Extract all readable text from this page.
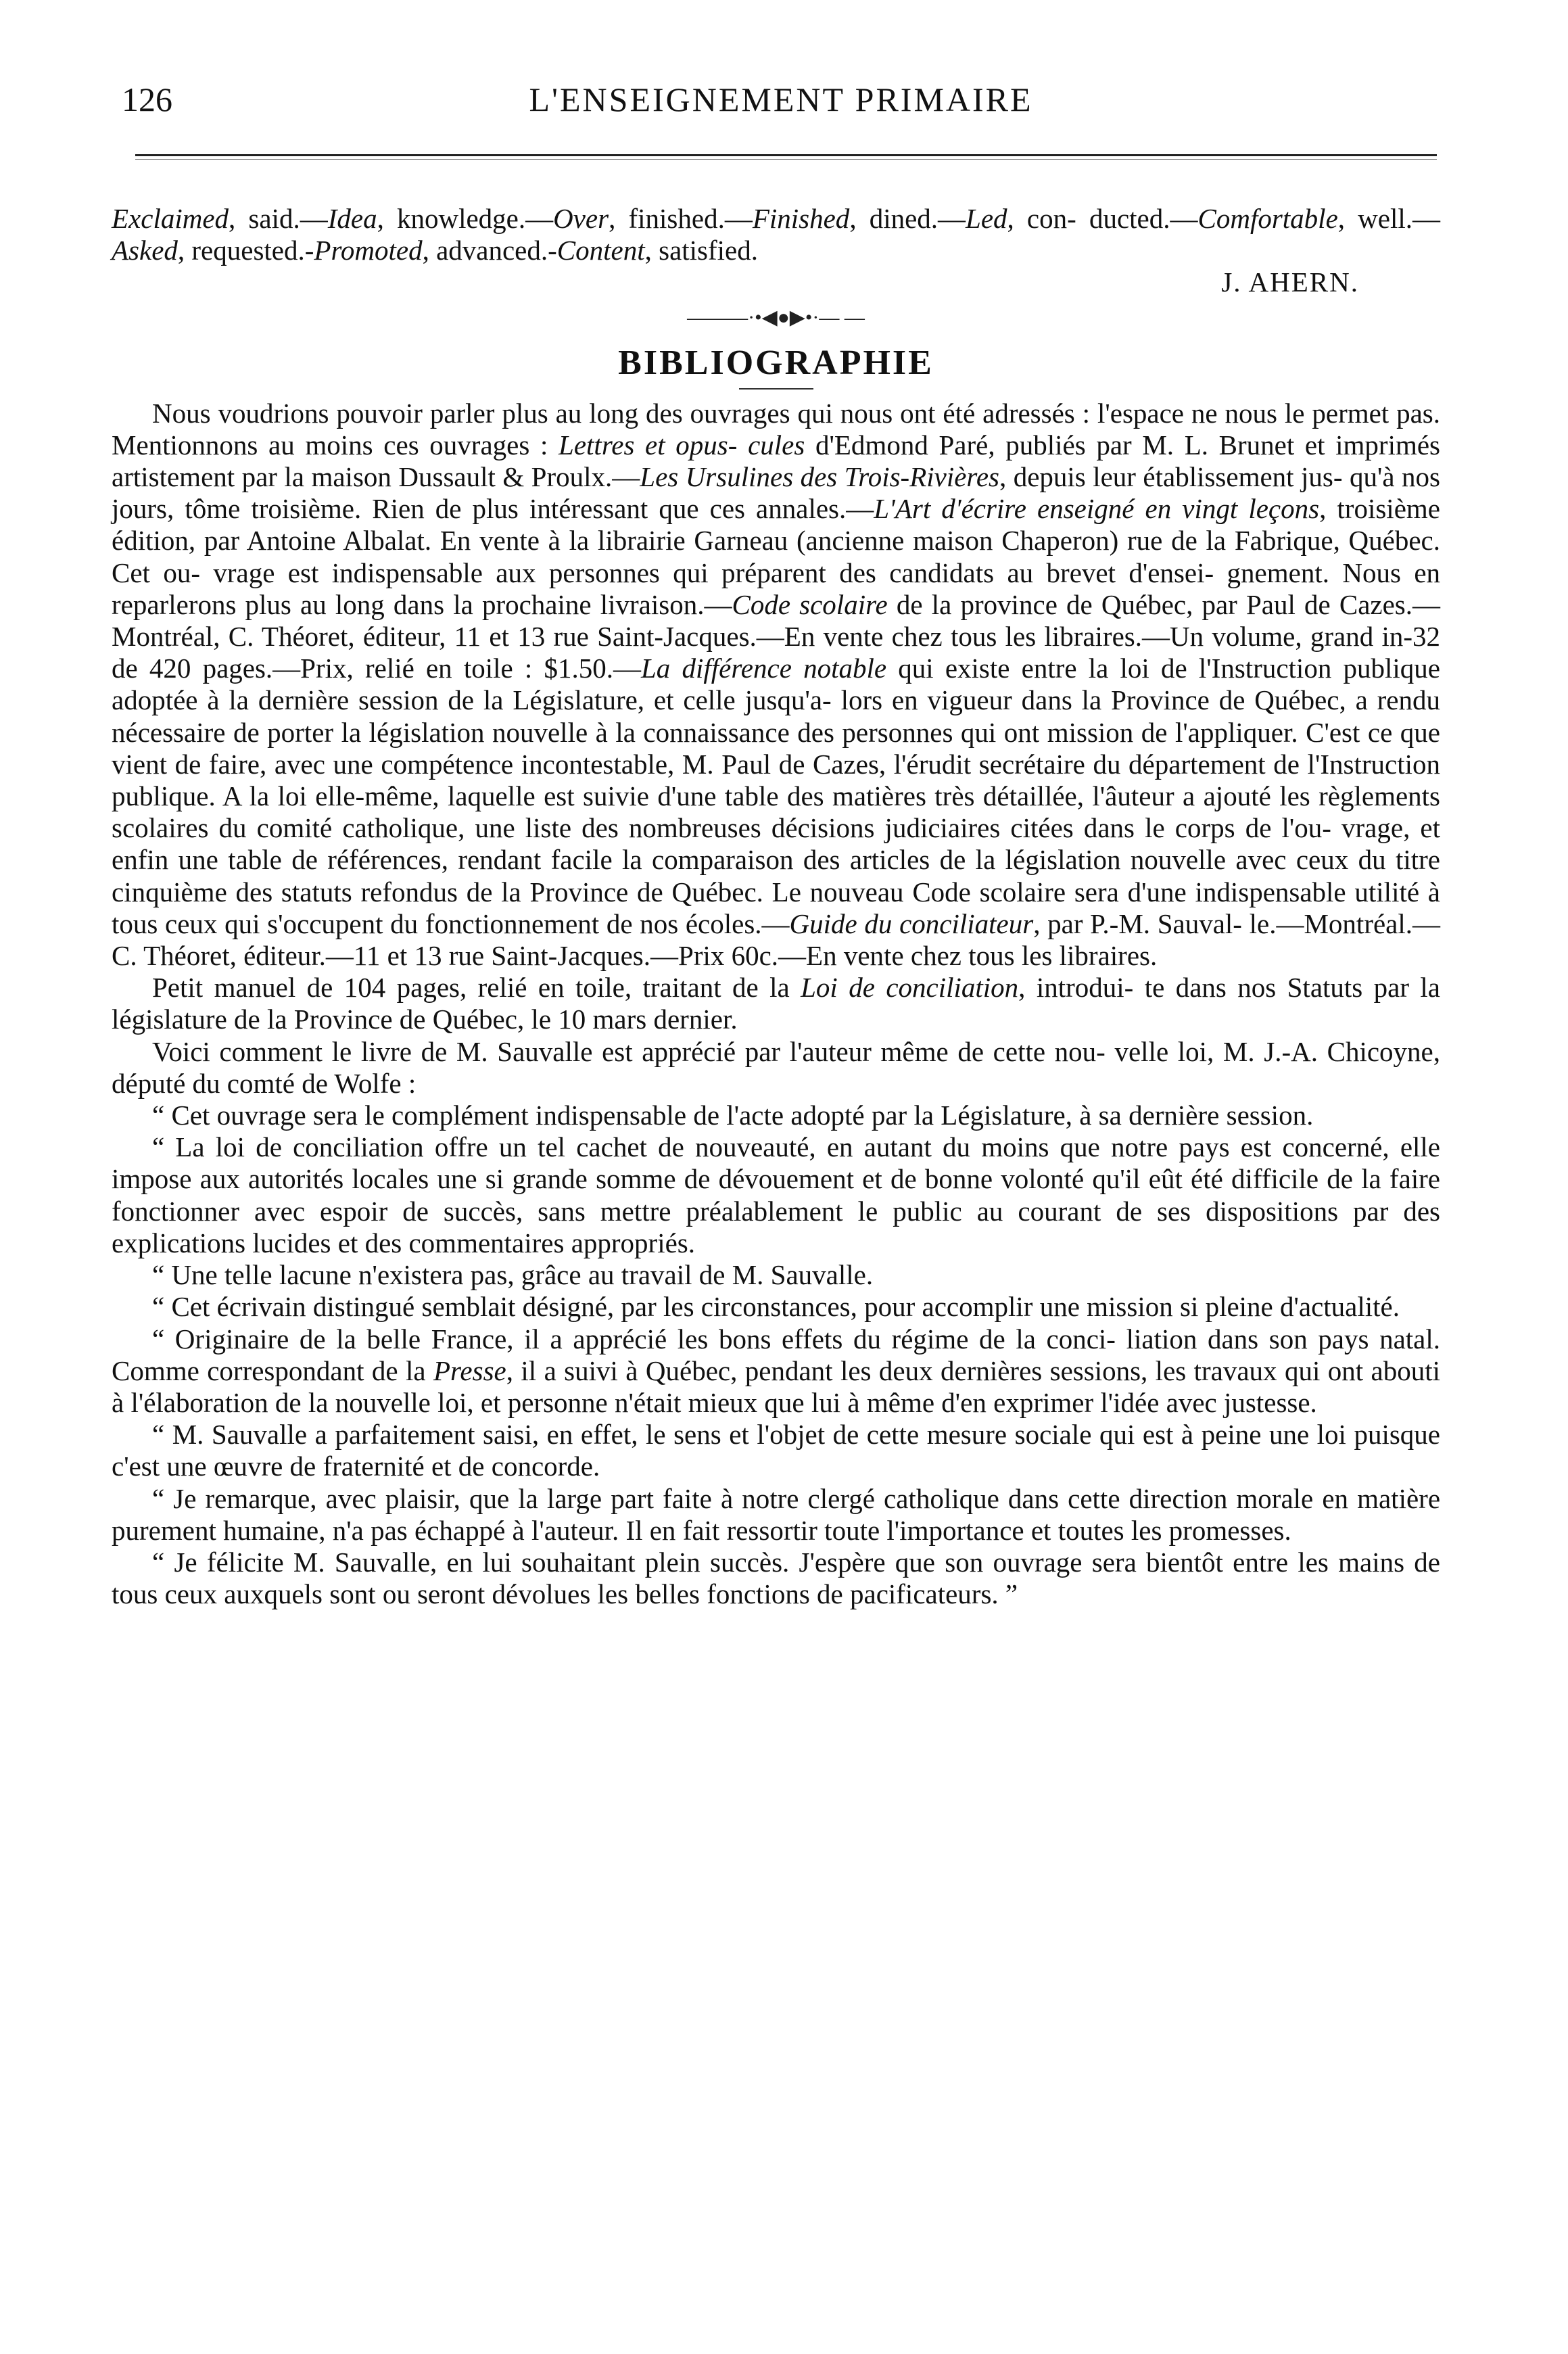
126	L'ENSEIGNEMENT PRIMAIRE

Exclaimed, said.—Idea, knowledge.—Over, finished.—Finished, dined.—Led, con- ducted.—Comfortable, well.—Asked, requested.-Promoted, advanced.-Content, satisfied.

J. AHERN.

———·•◀●▶•·— —
BIBLIOGRAPHIE

Nous voudrions pouvoir parler plus au long des ouvrages qui nous ont été adressés : l'espace ne nous le permet pas. Mentionnons au moins ces ouvrages : Lettres et opus- cules d'Edmond Paré, publiés par M. L. Brunet et imprimés artistement par la maison Dussault & Proulx.—Les Ursulines des Trois-Rivières, depuis leur établissement jus- qu'à nos jours, tôme troisième. Rien de plus intéressant que ces annales.—L'Art d'écrire enseigné en vingt leçons, troisième édition, par Antoine Albalat. En vente à la librairie Garneau (ancienne maison Chaperon) rue de la Fabrique, Québec. Cet ou- vrage est indispensable aux personnes qui préparent des candidats au brevet d'ensei- gnement. Nous en reparlerons plus au long dans la prochaine livraison.—Code scolaire de la province de Québec, par Paul de Cazes.—Montréal, C. Théoret, éditeur, 11 et 13 rue Saint-Jacques.—En vente chez tous les libraires.—Un volume, grand in-32 de 420 pages.—Prix, relié en toile : $1.50.—La différence notable qui existe entre la loi de l'Instruction publique adoptée à la dernière session de la Législature, et celle jusqu'a- lors en vigueur dans la Province de Québec, a rendu nécessaire de porter la législation nouvelle à la connaissance des personnes qui ont mission de l'appliquer. C'est ce que vient de faire, avec une compétence incontestable, M. Paul de Cazes, l'érudit secrétaire du département de l'Instruction publique. A la loi elle-même, laquelle est suivie d'une table des matières très détaillée, l'âuteur a ajouté les règlements scolaires du comité catholique, une liste des nombreuses décisions judiciaires citées dans le corps de l'ou- vrage, et enfin une table de références, rendant facile la comparaison des articles de la législation nouvelle avec ceux du titre cinquième des statuts refondus de la Province de Québec. Le nouveau Code scolaire sera d'une indispensable utilité à tous ceux qui s'occupent du fonctionnement de nos écoles.—Guide du conciliateur, par P.-M. Sauval- le.—Montréal.—C. Théoret, éditeur.—11 et 13 rue Saint-Jacques.—Prix 60c.—En vente chez tous les libraires.

Petit manuel de 104 pages, relié en toile, traitant de la Loi de conciliation, introdui- te dans nos Statuts par la législature de la Province de Québec, le 10 mars dernier.

Voici comment le livre de M. Sauvalle est apprécié par l'auteur même de cette nou- velle loi, M. J.-A. Chicoyne, député du comté de Wolfe :

“ Cet ouvrage sera le complément indispensable de l'acte adopté par la Législature, à sa dernière session.

“ La loi de conciliation offre un tel cachet de nouveauté, en autant du moins que notre pays est concerné, elle impose aux autorités locales une si grande somme de dévouement et de bonne volonté qu'il eût été difficile de la faire fonctionner avec espoir de succès, sans mettre préalablement le public au courant de ses dispositions par des explications lucides et des commentaires appropriés.

“ Une telle lacune n'existera pas, grâce au travail de M. Sauvalle.

“ Cet écrivain distingué semblait désigné, par les circonstances, pour accomplir une mission si pleine d'actualité.

“ Originaire de la belle France, il a apprécié les bons effets du régime de la conci- liation dans son pays natal. Comme correspondant de la Presse, il a suivi à Québec, pendant les deux dernières sessions, les travaux qui ont abouti à l'élaboration de la nouvelle loi, et personne n'était mieux que lui à même d'en exprimer l'idée avec justesse.

“ M. Sauvalle a parfaitement saisi, en effet, le sens et l'objet de cette mesure sociale qui est à peine une loi puisque c'est une œuvre de fraternité et de concorde.

“ Je remarque, avec plaisir, que la large part faite à notre clergé catholique dans cette direction morale en matière purement humaine, n'a pas échappé à l'auteur. Il en fait ressortir toute l'importance et toutes les promesses.

“ Je félicite M. Sauvalle, en lui souhaitant plein succès. J'espère que son ouvrage sera bientôt entre les mains de tous ceux auxquels sont ou seront dévolues les belles fonctions de pacificateurs. ”
